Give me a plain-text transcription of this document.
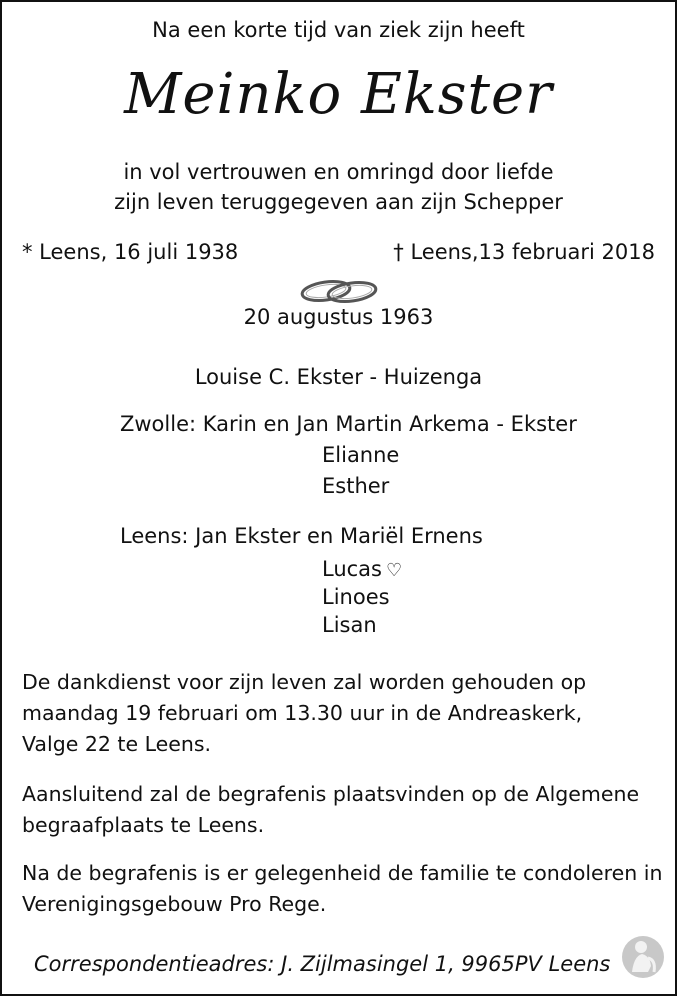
Na een korte tijd van ziek zijn heeft
Meinko Ekster
in vol vertrouwen en omringd door liefde
zijn leven teruggegeven aan zijn Schepper
* Leens, 16 juli 1938	† Leens,13 februari 2018
20 augustus 1963
Louise C. Ekster - Huizenga
Zwolle: Karin en Jan Martin Arkema - Ekster
Elianne
Esther
Leens: Jan Ekster en Mariël Ernens
Lucas ♡
Linoes
Lisan
De dankdienst voor zijn leven zal worden gehouden op
maandag 19 februari om 13.30 uur in de Andreaskerk,
Valge 22 te Leens.
Aansluitend zal de begrafenis plaatsvinden op de Algemene
begraafplaats te Leens.
Na de begrafenis is er gelegenheid de familie te condoleren in
Verenigingsgebouw Pro Rege.
Correspondentieadres: J. Zijlmasingel 1, 9965PV Leens
